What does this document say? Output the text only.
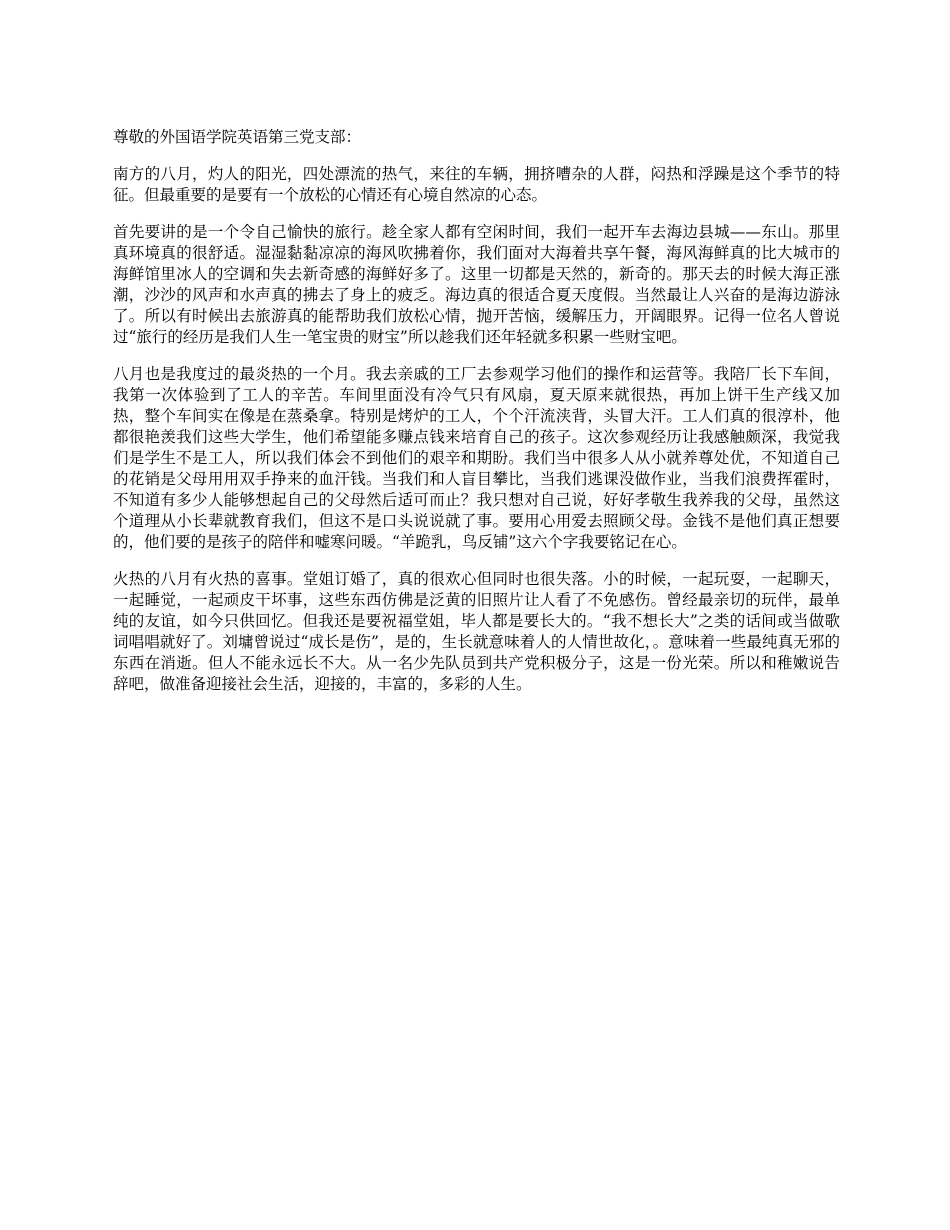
尊敬的外国语学院英语第三党支部：
南方的八月，灼人的阳光，四处漂流的热气，来往的车辆，拥挤嘈杂的人群，闷热和浮躁是这个季节的特征。但最重要的是要有一个放松的心情还有心境自然凉的心态。
首先要讲的是一个令自己愉快的旅行。趁全家人都有空闲时间，我们一起开车去海边县城——东山。那里真环境真的很舒适。湿湿黏黏凉凉的海风吹拂着你，我们面对大海着共享午餐，海风海鲜真的比大城市的海鲜馆里冰人的空调和失去新奇感的海鲜好多了。这里一切都是天然的，新奇的。那天去的时候大海正涨潮，沙沙的风声和水声真的拂去了身上的疲乏。海边真的很适合夏天度假。当然最让人兴奋的是海边游泳了。所以有时候出去旅游真的能帮助我们放松心情，抛开苦恼，缓解压力，开阔眼界。记得一位名人曾说过“旅行的经历是我们人生一笔宝贵的财宝”所以趁我们还年轻就多积累一些财宝吧。
八月也是我度过的最炎热的一个月。我去亲戚的工厂去参观学习他们的操作和运营等。我陪厂长下车间，我第一次体验到了工人的辛苦。车间里面没有冷气只有风扇，夏天原来就很热，再加上饼干生产线又加热，整个车间实在像是在蒸桑拿。特别是烤炉的工人，个个汗流浃背，头冒大汗。工人们真的很淳朴，他都很艳羡我们这些大学生，他们希望能多赚点钱来培育自己的孩子。这次参观经历让我感触颇深，我觉我们是学生不是工人，所以我们体会不到他们的艰辛和期盼。我们当中很多人从小就养尊处优，不知道自己的花销是父母用用双手挣来的血汗钱。当我们和人盲目攀比，当我们逃课没做作业，当我们浪费挥霍时，不知道有多少人能够想起自己的父母然后适可而止？我只想对自己说，好好孝敬生我养我的父母，虽然这个道理从小长辈就教育我们，但这不是口头说说就了事。要用心用爱去照顾父母。金钱不是他们真正想要的，他们要的是孩子的陪伴和嘘寒问暖。“羊跪乳，鸟反铺”这六个字我要铭记在心。
火热的八月有火热的喜事。堂姐订婚了，真的很欢心但同时也很失落。小的时候，一起玩耍，一起聊天，一起睡觉，一起顽皮干坏事，这些东西仿佛是泛黄的旧照片让人看了不免感伤。曾经最亲切的玩伴，最单纯的友谊，如今只供回忆。但我还是要祝福堂姐，毕人都是要长大的。“我不想长大”之类的话间或当做歌词唱唱就好了。刘墉曾说过“成长是伤”，是的，生长就意味着人的人情世故化，。意味着一些最纯真无邪的东西在消逝。但人不能永远长不大。从一名少先队员到共产党积极分子，这是一份光荣。所以和稚嫩说告辞吧，做准备迎接社会生活，迎接的，丰富的，多彩的人生。
